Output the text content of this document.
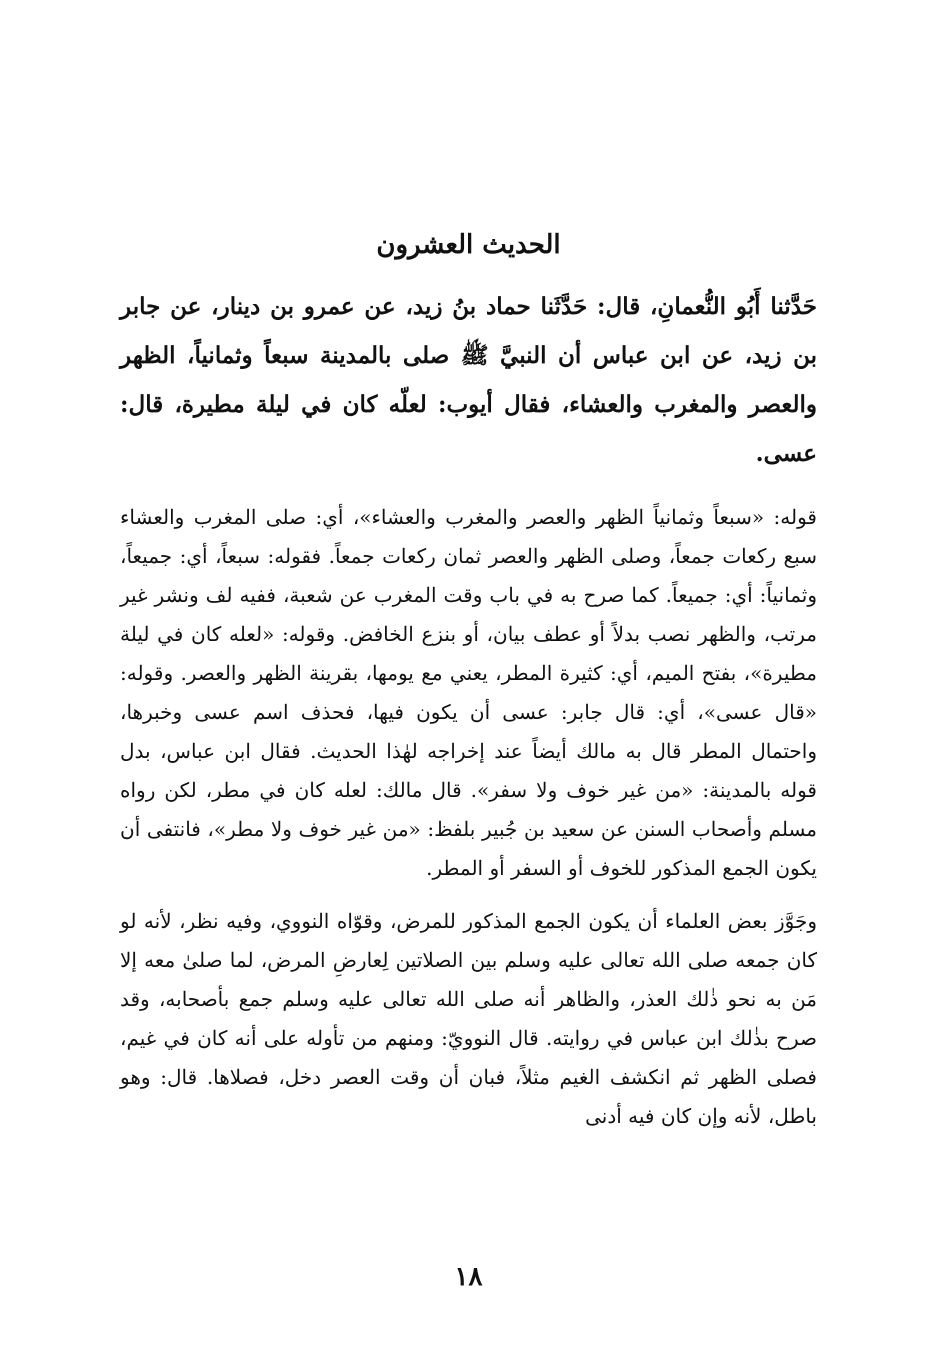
الحديث العشرون

حَدَّثنا أَبُو النُّعمانِ، قال: حَدَّثَنا حماد بنُ زيد، عن عمرو بن دينار، عن جابر بن زيد، عن ابن عباس أن النبيَّ ﷺ صلى بالمدينة سبعاً وثمانياً، الظهر والعصر والمغرب والعشاء، فقال أيوب: لعلّه كان في ليلة مطيرة، قال: عسى.

قوله: «سبعاً وثمانياً الظهر والعصر والمغرب والعشاء»، أي: صلى المغرب والعشاء سبع ركعات جمعاً، وصلى الظهر والعصر ثمان ركعات جمعاً. فقوله: سبعاً، أي: جميعاً، وثمانياً: أي: جميعاً. كما صرح به في باب وقت المغرب عن شعبة، ففيه لف ونشر غير مرتب، والظهر نصب بدلاً أو عطف بيان، أو بنزع الخافض. وقوله: «لعله كان في ليلة مطيرة»، بفتح الميم، أي: كثيرة المطر، يعني مع يومها، بقرينة الظهر والعصر. وقوله: «قال عسى»، أي: قال جابر: عسى أن يكون فيها، فحذف اسم عسى وخبرها، واحتمال المطر قال به مالك أيضاً عند إخراجه لهٰذا الحديث. فقال ابن عباس، بدل قوله بالمدينة: «من غير خوف ولا سفر». قال مالك: لعله كان في مطر، لكن رواه مسلم وأصحاب السنن عن سعيد بن جُبير بلفظ: «من غير خوف ولا مطر»، فانتفى أن يكون الجمع المذكور للخوف أو السفر أو المطر.

وجَوَّز بعض العلماء أن يكون الجمع المذكور للمرض، وقوّاه النووي، وفيه نظر، لأنه لو كان جمعه صلى الله تعالى عليه وسلم بين الصلاتين لِعارضِ المرض، لما صلىٰ معه إلا مَن به نحو ذٰلك العذر، والظاهر أنه صلى الله تعالى عليه وسلم جمع بأصحابه، وقد صرح بذٰلك ابن عباس في روايته. قال النوويّ: ومنهم من تأوله على أنه كان في غيم، فصلى الظهر ثم انكشف الغيم مثلاً، فبان أن وقت العصر دخل، فصلاها. قال: وهو باطل، لأنه وإن كان فيه أدنى

١٨
